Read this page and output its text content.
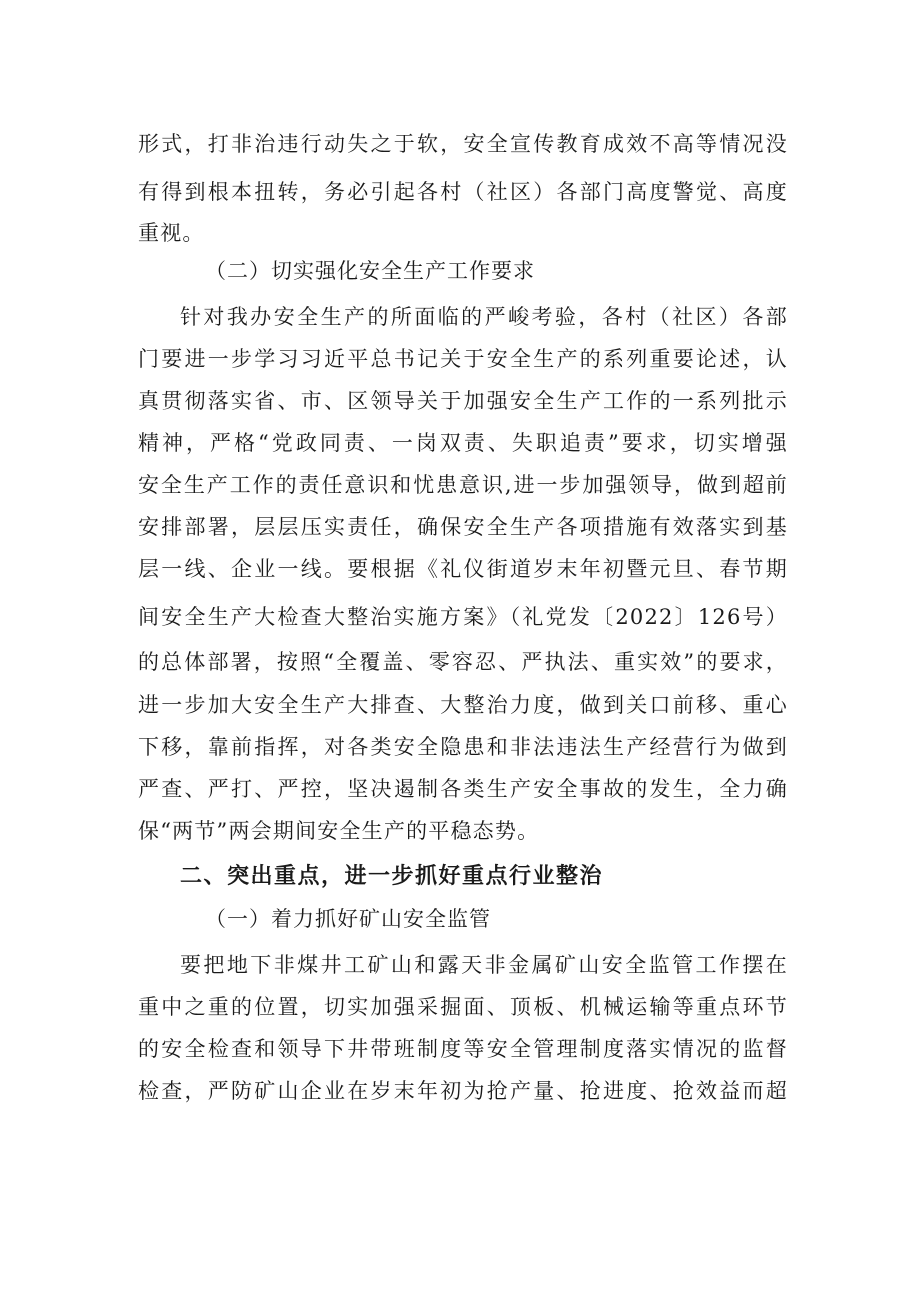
形式，打非治违行动失之于软，安全宣传教育成效不高等情况没
有得到根本扭转，务必引起各村（社区）各部门高度警觉、高度
重视。
（二）切实强化安全生产工作要求
针对我办安全生产的所面临的严峻考验，各村（社区）各部
门要进一步学习习近平总书记关于安全生产的系列重要论述，认
真贯彻落实省、市、区领导关于加强安全生产工作的一系列批示
精神，严格“党政同责、一岗双责、失职追责”要求，切实增强
安全生产工作的责任意识和忧患意识,进一步加强领导，做到超前
安排部署，层层压实责任，确保安全生产各项措施有效落实到基
层一线、企业一线。要根据《礼仪街道岁末年初暨元旦、春节期
间安全生产大检查大整治实施方案》（礼党发〔2022〕126号）
的总体部署，按照“全覆盖、零容忍、严执法、重实效”的要求，
进一步加大安全生产大排查、大整治力度，做到关口前移、重心
下移，靠前指挥，对各类安全隐患和非法违法生产经营行为做到
严查、严打、严控，坚决遏制各类生产安全事故的发生，全力确
保“两节”两会期间安全生产的平稳态势。
二、突出重点，进一步抓好重点行业整治
（一）着力抓好矿山安全监管
要把地下非煤井工矿山和露天非金属矿山安全监管工作摆在
重中之重的位置，切实加强采掘面、顶板、机械运输等重点环节
的安全检查和领导下井带班制度等安全管理制度落实情况的监督
检查，严防矿山企业在岁末年初为抢产量、抢进度、抢效益而超
